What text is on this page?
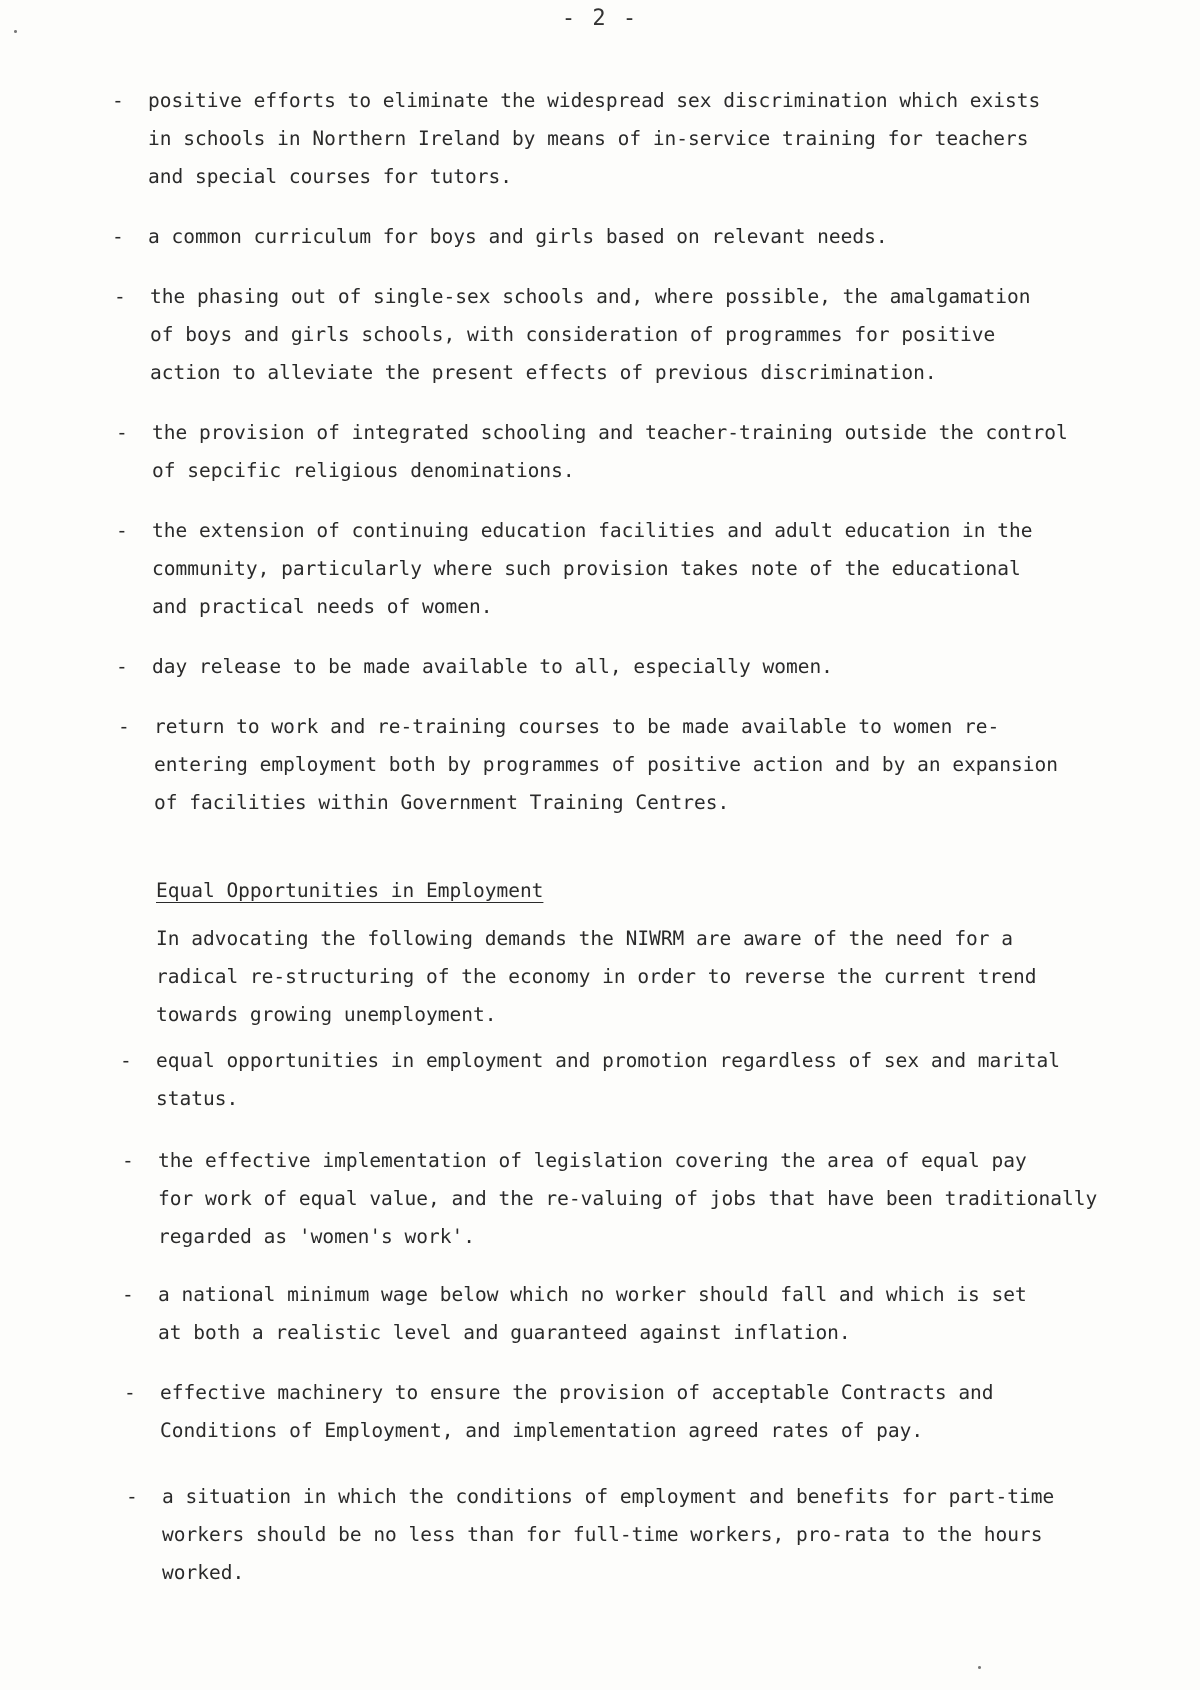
- 2 -
- positive efforts to eliminate the widespread sex discrimination which exists
in schools in Northern Ireland by means of in-service training for teachers
and special courses for tutors.
- a common curriculum for boys and girls based on relevant needs.
- the phasing out of single-sex schools and, where possible, the amalgamation
of boys and girls schools, with consideration of programmes for positive
action to alleviate the present effects of previous discrimination.
- the provision of integrated schooling and teacher-training outside the control
of sepcific religious denominations.
- the extension of continuing education facilities and adult education in the
community, particularly where such provision takes note of the educational
and practical needs of women.
- day release to be made available to all, especially women.
- return to work and re-training courses to be made available to women re-
entering employment both by programmes of positive action and by an expansion
of facilities within Government Training Centres.
Equal Opportunities in Employment
In advocating the following demands the NIWRM are aware of the need for a
radical re-structuring of the economy in order to reverse the current trend
towards growing unemployment.
- equal opportunities in employment and promotion regardless of sex and marital
status.
- the effective implementation of legislation covering the area of equal pay
for work of equal value, and the re-valuing of jobs that have been traditionally
regarded as 'women's work'.
- a national minimum wage below which no worker should fall and which is set
at both a realistic level and guaranteed against inflation.
- effective machinery to ensure the provision of acceptable Contracts and
Conditions of Employment, and implementation agreed rates of pay.
- a situation in which the conditions of employment and benefits for part-time
workers should be no less than for full-time workers, pro-rata to the hours
worked.
